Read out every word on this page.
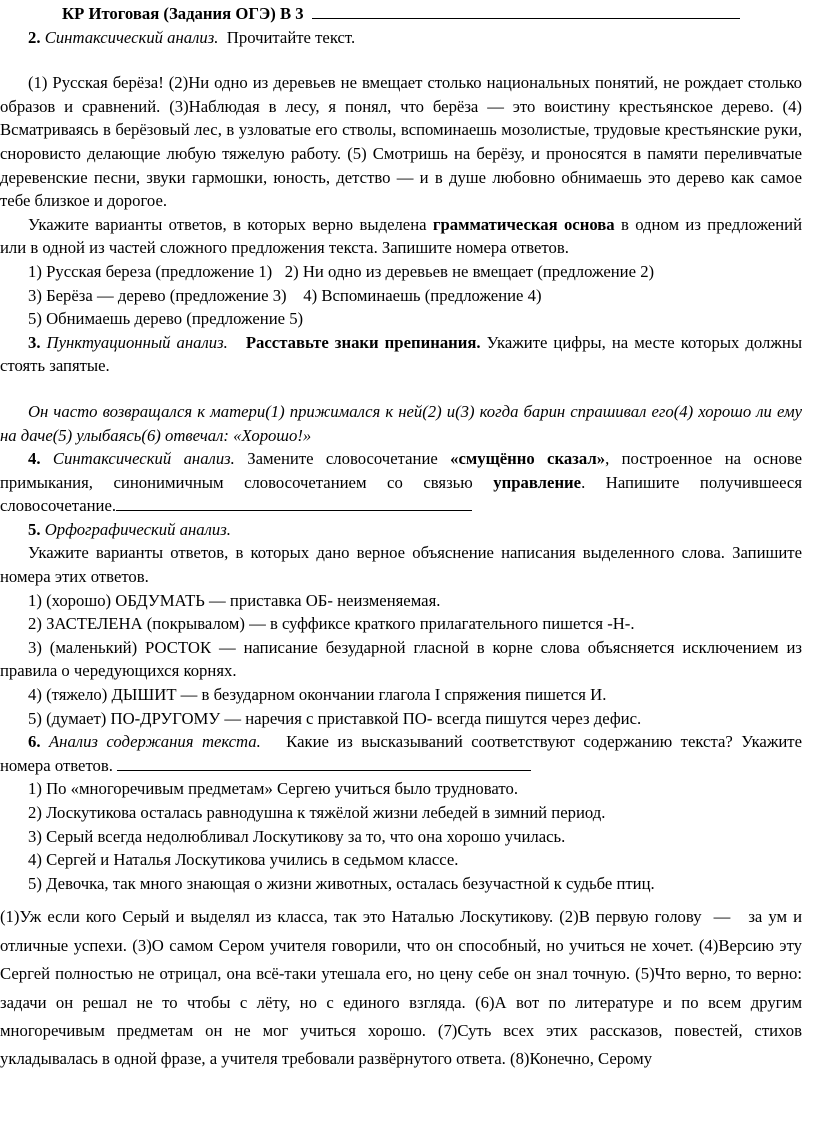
КР Итоговая (Задания ОГЭ) В 3

2. Синтаксический анализ. Прочитайте текст.

(1) Русская берёза! (2)Ни одно из деревьев не вмещает столько национальных понятий, не рождает столько образов и сравнений. (3)Наблюдая в лесу, я понял, что берёза — это воистину крестьянское дерево. (4) Всматриваясь в берёзовый лес, в узловатые его стволы, вспоминаешь мозолистые, трудовые крестьянские руки, сноровисто делающие любую тяжелую работу. (5) Смотришь на берёзу, и проносятся в памяти переливчатые деревенские песни, звуки гармошки, юность, детство — и в душе любовно обнимаешь это дерево как самое тебе близкое и дорогое.

Укажите варианты ответов, в которых верно выделена грамматическая основа в одном из предложений или в одной из частей сложного предложения текста. Запишите номера ответов.

1) Русская береза (предложение 1)   2) Ни одно из деревьев не вмещает (предложение 2)

3) Берёза — дерево (предложение 3)    4) Вспоминаешь (предложение 4)

5) Обнимаешь дерево (предложение 5)

3. Пунктуационный анализ. Расставьте знаки препинания. Укажите цифры, на месте которых должны стоять запятые.

Он часто возвращался к матери(1) прижимался к ней(2) и(3) когда барин спрашивал его(4) хорошо ли ему на даче(5) улыбаясь(6) отвечал: «Хорошо!»

4. Синтаксический анализ. Замените словосочетание «смущённо сказал», построенное на основе примыкания, синонимичным словосочетанием со связью управление. Напишите получившееся словосочетание.

5. Орфографический анализ.

Укажите варианты ответов, в которых дано верное объяснение написания выделенного слова. Запишите номера этих ответов.

1) (хорошо) ОБДУМАТЬ — приставка ОБ- неизменяемая.

2) ЗАСТЕЛЕНА (покрывалом) — в суффиксе краткого прилагательного пишется -Н-.

3) (маленький) РОСТОК — написание безударной гласной в корне слова объясняется исключением из правила о чередующихся корнях.

4) (тяжело) ДЫШИТ — в безударном окончании глагола I спряжения пишется И.

5) (думает) ПО-ДРУГОМУ — наречия с приставкой ПО- всегда пишутся через дефис.

6. Анализ содержания текста. Какие из высказываний соответствуют содержанию текста? Укажите номера ответов.

1) По «многоречивым предметам» Сергею учиться было трудновато.

2) Лоскутикова осталась равнодушна к тяжёлой жизни лебедей в зимний период.

3) Серый всегда недолюбливал Лоскутикову за то, что она хорошо училась.

4) Сергей и Наталья Лоскутикова учились в седьмом классе.

5) Девочка, так много знающая о жизни животных, осталась безучастной к судьбе птиц.

(1)Уж если кого Серый и выделял из класса, так это Наталью Лоскутикову. (2)В первую голову  —   за ум и отличные успехи. (3)О самом Сером учителя говорили, что он способный, но учиться не хочет. (4)Версию эту Сергей полностью не отрицал, она всё-таки утешала его, но цену себе он знал точную. (5)Что верно, то верно: задачи он решал не то чтобы с лёту, но с единого взгляда. (6)А вот по литературе и по всем другим многоречивым предметам он не мог учиться хорошо. (7)Суть всех этих рассказов, повестей, стихов укладывалась в одной фразе, а учителя требовали развёрнутого ответа. (8)Конечно, Серому
